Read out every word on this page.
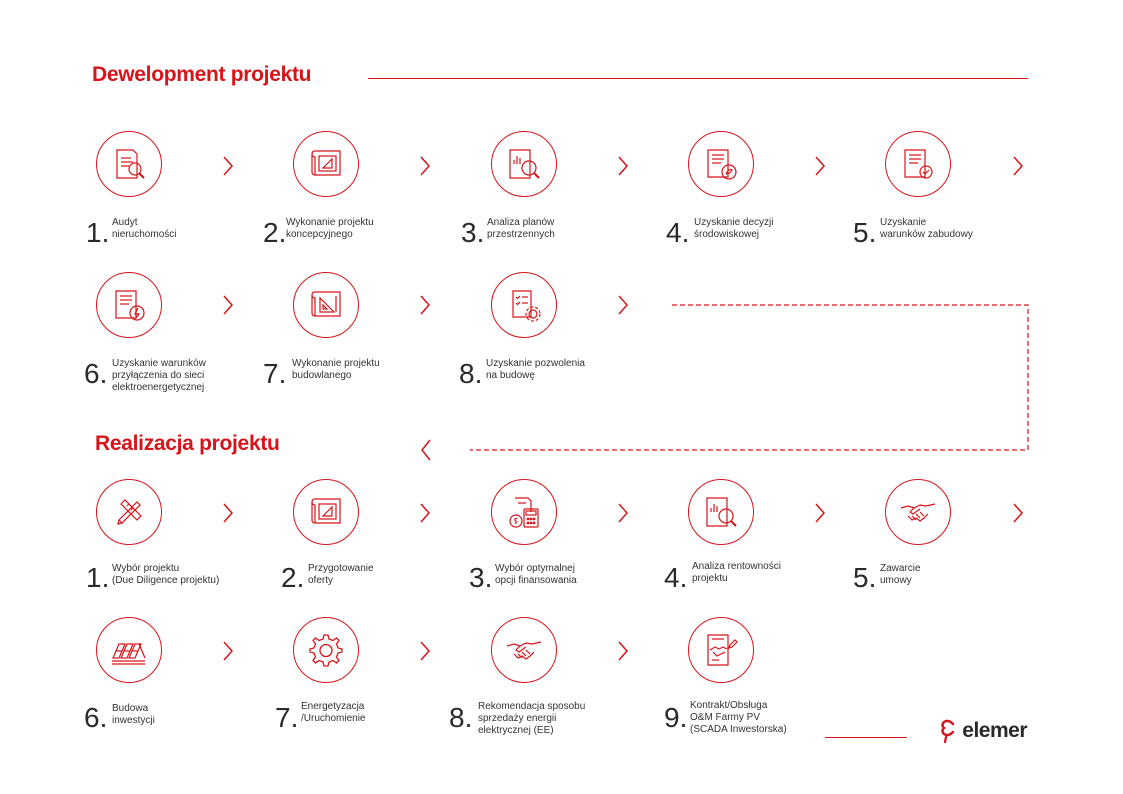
Dewelopment projektu
Realizacja projektu
1. Audyt
nieruchomości	2. Wykonanie projektu
koncepcyjnego	3. Analiza planów
przestrzennych	4. Uzyskanie decyzji
środowiskowej	5. Uzyskanie
warunków zabudowy
6. Uzyskanie warunków
przyłączenia do sieci
elektroenergetycznej 7. Wykonanie projektu
budowlanego	8. Uzyskanie pozwolenia
na budowę
1. Wybór projektu
(Due Diligence projektu) 2. Przygotowanie
oferty	3. Wybór optymalnej
opcji finansowania	4. Analiza rentowności
projektu	5. Zawarcie
umowy
6. Budowa
inwestycji	7. Energetyzacja
/Uruchomienie	8. Rekomendacja sposobu
sprzedaży energii
elektrycznej (EE)	9. Kontrakt/Obsługa
O&M Farmy PV
(SCADA Inwestorska)	elemer
